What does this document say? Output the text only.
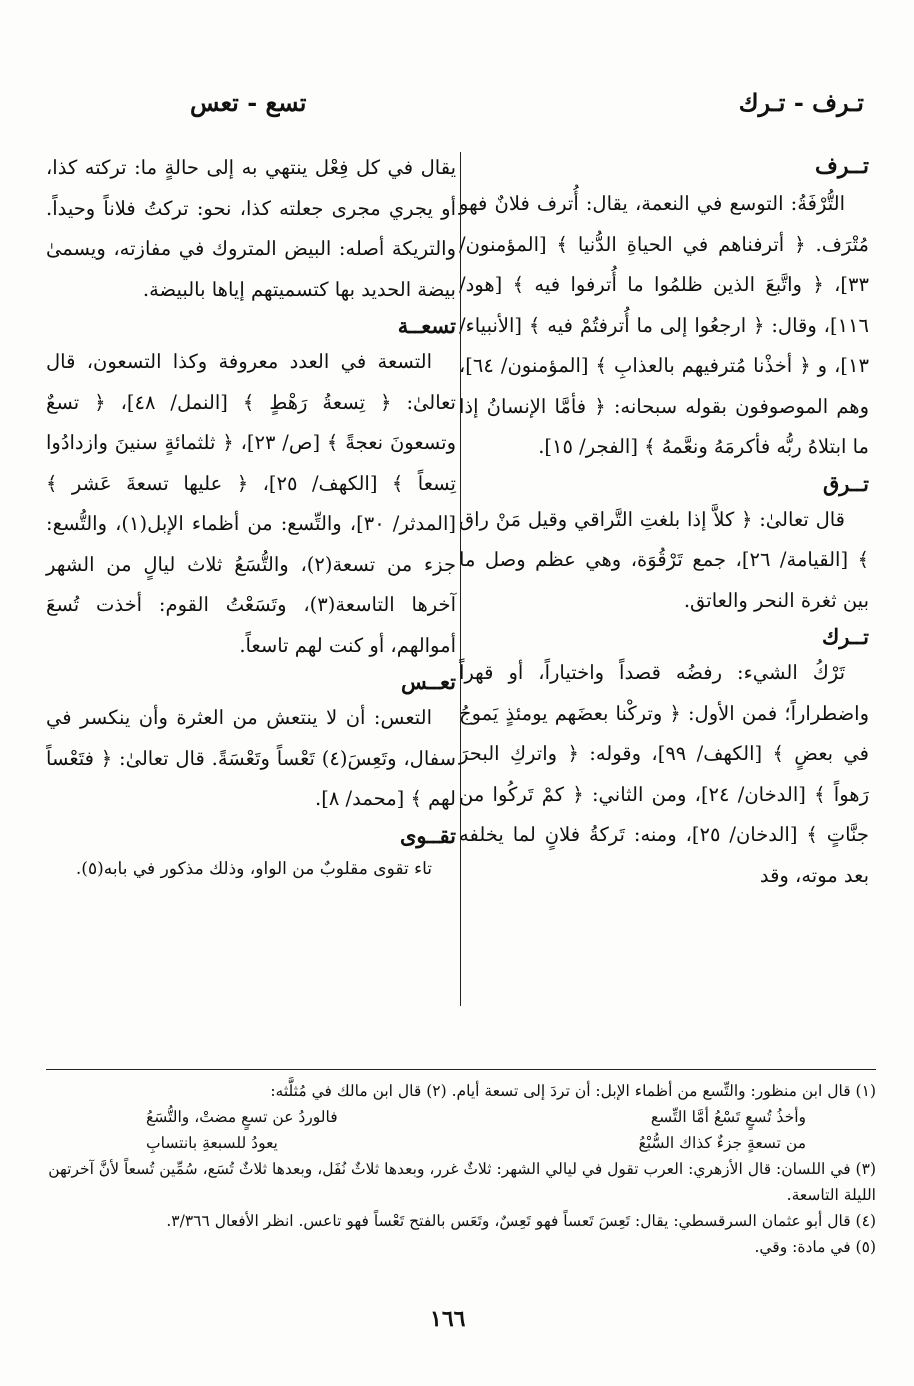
تـرف - تـرك
تسع - تعس
تــرف

التُّرْفَةُ: التوسع في النعمة، يقال: أُترف فلانٌ فهو مُتْرَف. ﴿ أترفناهم في الحياةِ الدُّنيا ﴾ [المؤمنون/ ٣٣]، ﴿ واتَّبعَ الذين ظلمُوا ما أُترفوا فيه ﴾ [هود/ ١١٦]، وقال: ﴿ ارجعُوا إلى ما أُترفتُمْ فيه ﴾ [الأنبياء/ ١٣]، و ﴿ أخذْنا مُترفيهم بالعذابِ ﴾ [المؤمنون/ ٦٤]، وهم الموصوفون بقوله سبحانه: ﴿ فأمَّا الإنسانُ إذا ما ابتلاهُ ربُّه فأكرمَهُ ونعَّمهُ ﴾ [الفجر/ ١٥].

تــرق

قال تعالىٰ: ﴿ كلاَّ إذا بلغتِ التَّراقي وقيل مَنْ راق ﴾ [القيامة/ ٢٦]، جمع تَرْقُوَة، وهي عظم وصل ما بين ثغرة النحر والعاتق.

تــرك

تَرْكُ الشيء: رفضُه قصداً واختياراً، أو قهراً واضطراراً؛ فمن الأول: ﴿ وتركْنا بعضَهم يومئذٍ يَموجُ في بعضٍ ﴾ [الكهف/ ٩٩]، وقوله: ﴿ واتركِ البحرَ رَهواً ﴾ [الدخان/ ٢٤]، ومن الثاني: ﴿ كمْ تَركُوا من جنَّاتٍ ﴾ [الدخان/ ٢٥]، ومنه: تَركةُ فلانٍ لما يخلفه بعد موته، وقد

يقال في كل فِعْل ينتهي به إلى حالةٍ ما: تركته كذا، أو يجري مجرى جعلته كذا، نحو: تركتُ فلاناً وحيداً. والتريكة أصله: البيض المتروك في مفازته، ويسمىٰ بيضة الحديد بها كتسميتهم إياها بالبيضة.

تسعــة

التسعة في العدد معروفة وكذا التسعون، قال تعالىٰ: ﴿ تِسعةُ رَهْطٍ ﴾ [النمل/ ٤٨]، ﴿ تسعٌ وتسعونَ نعجةً ﴾ [ص/ ٢٣]، ﴿ ثلثمائةٍ سنينَ وازدادُوا تِسعاً ﴾ [الكهف/ ٢٥]، ﴿ عليها تسعةَ عَشر ﴾ [المدثر/ ٣٠]، والتِّسع: من أظماء الإبل(١)، والتُّسع: جزء من تسعة(٢)، والتُّسَعُ ثلاث ليالٍ من الشهر آخرها التاسعة(٣)، وتَسَعْتُ القوم: أخذت تُسعَ أموالهم، أو كنت لهم تاسعاً.

تعــس

التعس: أن لا ينتعش من العثرة وأن ينكسر في سفال، وتَعِسَ(٤) تَعْساً وتَعْسَةً. قال تعالىٰ: ﴿ فتَعْساً لهم ﴾ [محمد/ ٨].

تقــوى

تاء تقوى مقلوبٌ من الواو، وذلك مذكور في بابه(٥).

(١) قال ابن منظور: والتِّسع من أظماء الإبل: أن تردَ إلى تسعة أيام. (٢) قال ابن مالك في مُثلَّثه:

وأخذُ تُسعٍ تَسْعُ أمَّا التِّسع
فالوردُ عن تسعٍ مضتْ، والتُّسَعُ
من تسعةٍ جزءٌ كذاك السُّبْعُ
يعودُ للسبعةِ بانتسابِ

(٣) في اللسان: قال الأزهري: العرب تقول في ليالي الشهر: ثلاثٌ غرر، وبعدها ثلاثٌ نُفَل، وبعدها ثلاثٌ تُسَع، سُمِّين تُسعاً لأنَّ آخرتهن الليلة التاسعة.

(٤) قال أبو عثمان السرقسطي: يقال: تَعِسَ تَعساً فهو تَعِسٌ، وتَعَس بالفتح تَعْساً فهو تاعس. انظر الأفعال ٣/٣٦٦.

(٥) في مادة: وقي.

١٦٦
